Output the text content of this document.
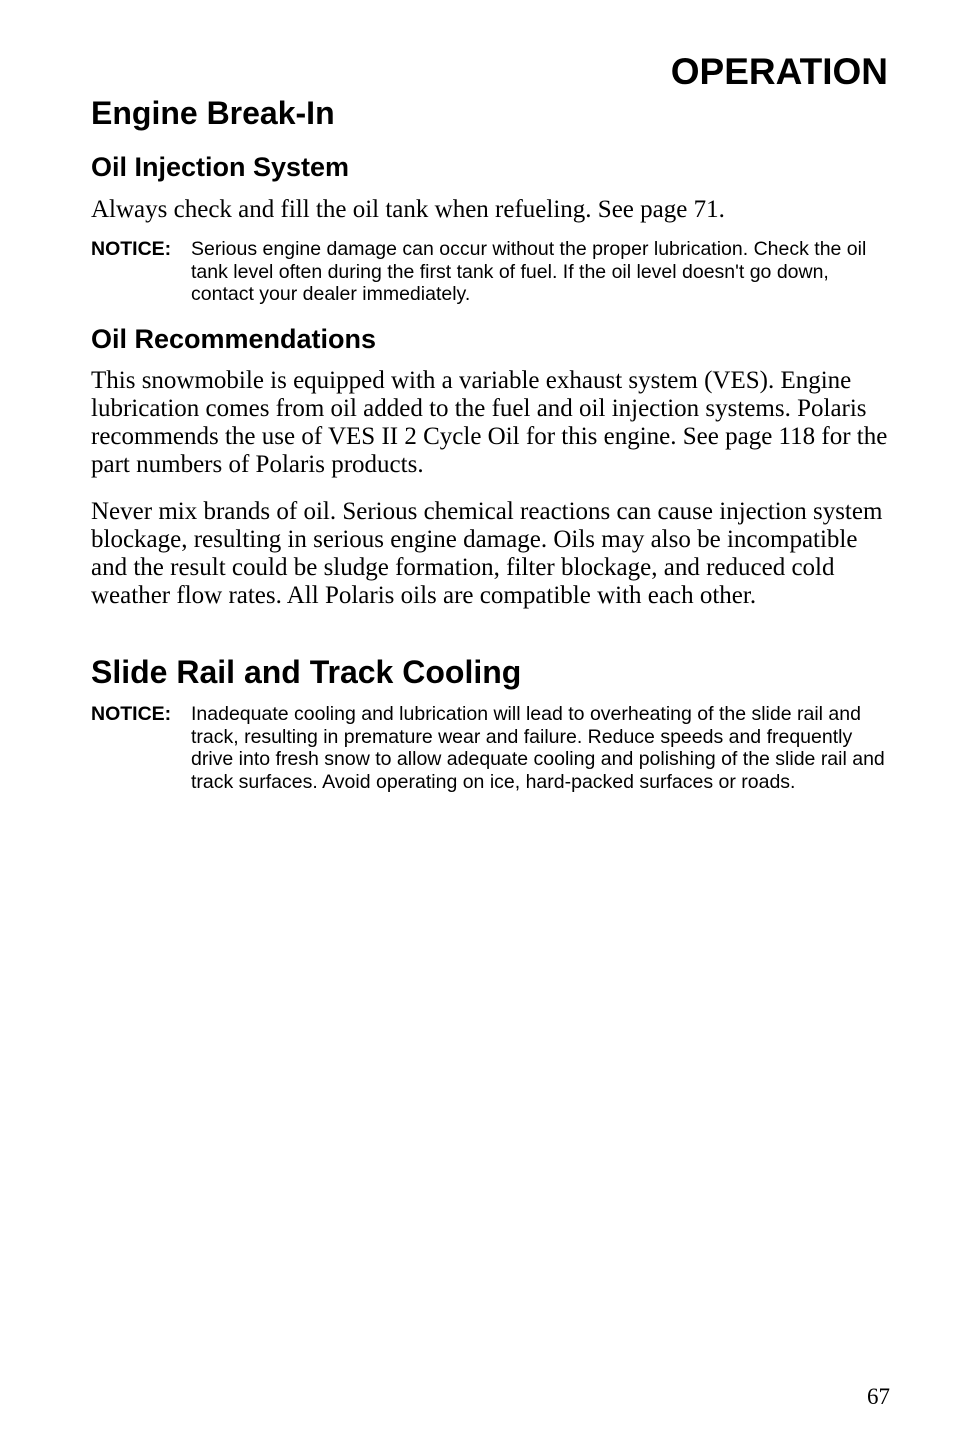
OPERATION
Engine Break-In
Oil Injection System

Always check and fill the oil tank when refueling. See page 71.

NOTICE: Serious engine damage can occur without the proper lubrication. Check the oil tank level often during the first tank of fuel. If the oil level doesn't go down, contact your dealer immediately.
Oil Recommendations

This snowmobile is equipped with a variable exhaust system (VES). Engine lubrication comes from oil added to the fuel and oil injection systems. Polaris recommends the use of VES II 2 Cycle Oil for this engine. See page 118 for the part numbers of Polaris products.

Never mix brands of oil. Serious chemical reactions can cause injection system blockage, resulting in serious engine damage. Oils may also be incompatible and the result could be sludge formation, filter blockage, and reduced cold weather flow rates. All Polaris oils are compatible with each other.

Slide Rail and Track Cooling
NOTICE: Inadequate cooling and lubrication will lead to overheating of the slide rail and track, resulting in premature wear and failure. Reduce speeds and frequently drive into fresh snow to allow adequate cooling and polishing of the slide rail and track surfaces. Avoid operating on ice, hard-packed surfaces or roads.
67
